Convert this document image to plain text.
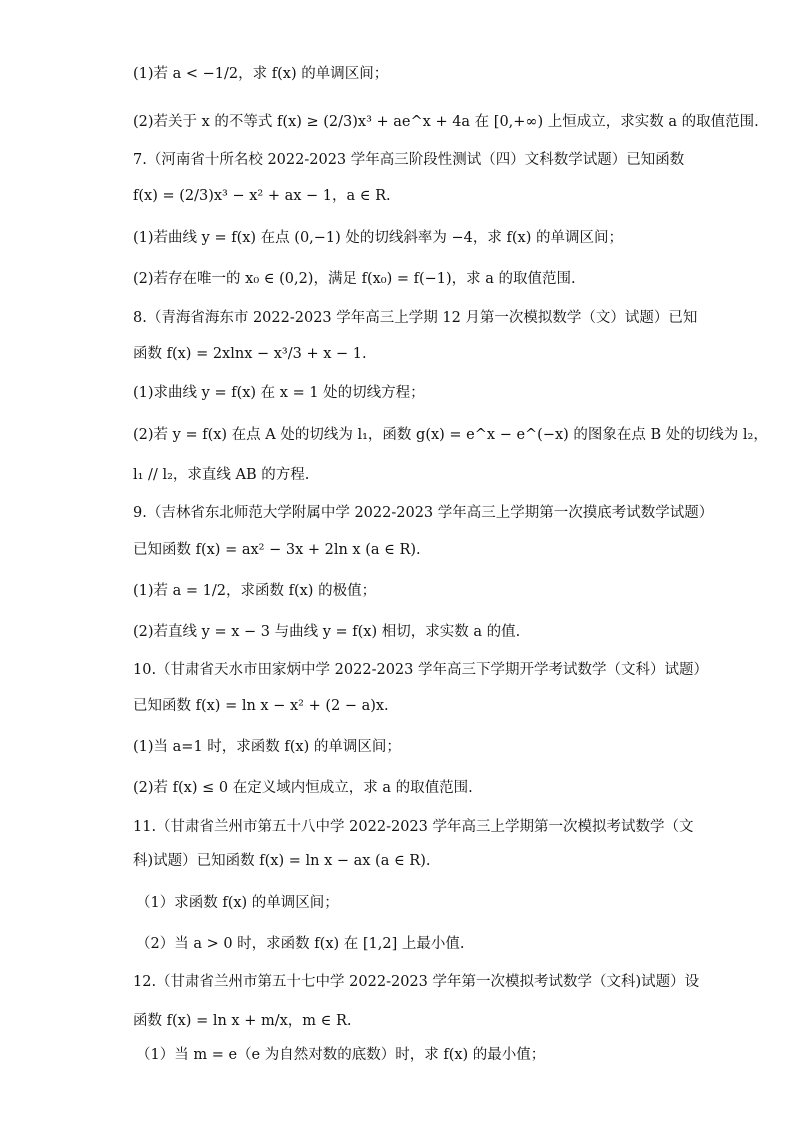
(1)若 a < −1/2，求 f(x) 的单调区间；
(2)若关于 x 的不等式 f(x) ≥ (2/3)x³ + ae^x + 4a 在 [0,+∞) 上恒成立，求实数 a 的取值范围.
7.（河南省十所名校 2022-2023 学年高三阶段性测试（四）文科数学试题）已知函数
f(x) = (2/3)x³ − x² + ax − 1，a ∈ R.
(1)若曲线 y = f(x) 在点 (0,−1) 处的切线斜率为 −4，求 f(x) 的单调区间；
(2)若存在唯一的 x₀ ∈ (0,2)，满足 f(x₀) = f(−1)，求 a 的取值范围.
8.（青海省海东市 2022-2023 学年高三上学期 12 月第一次模拟数学（文）试题）已知
函数 f(x) = 2xlnx − x³/3 + x − 1.
(1)求曲线 y = f(x) 在 x = 1 处的切线方程；
(2)若 y = f(x) 在点 A 处的切线为 l₁，函数 g(x) = e^x − e^(−x) 的图象在点 B 处的切线为 l₂，
l₁ // l₂，求直线 AB 的方程.
9.（吉林省东北师范大学附属中学 2022-2023 学年高三上学期第一次摸底考试数学试题）
已知函数 f(x) = ax² − 3x + 2ln x (a ∈ R).
(1)若 a = 1/2，求函数 f(x) 的极值；
(2)若直线 y = x − 3 与曲线 y = f(x) 相切，求实数 a 的值.
10.（甘肃省天水市田家炳中学 2022-2023 学年高三下学期开学考试数学（文科）试题）
已知函数 f(x) = ln x − x² + (2 − a)x.
(1)当 a=1 时，求函数 f(x) 的单调区间；
(2)若 f(x) ≤ 0 在定义域内恒成立，求 a 的取值范围.
11.（甘肃省兰州市第五十八中学 2022-2023 学年高三上学期第一次模拟考试数学（文
科)试题）已知函数 f(x) = ln x − ax (a ∈ R).
（1）求函数 f(x) 的单调区间；
（2）当 a > 0 时，求函数 f(x) 在 [1,2] 上最小值.
12.（甘肃省兰州市第五十七中学 2022-2023 学年第一次模拟考试数学（文科)试题）设
函数 f(x) = ln x + m/x，m ∈ R.
（1）当 m = e（e 为自然对数的底数）时，求 f(x) 的最小值；
